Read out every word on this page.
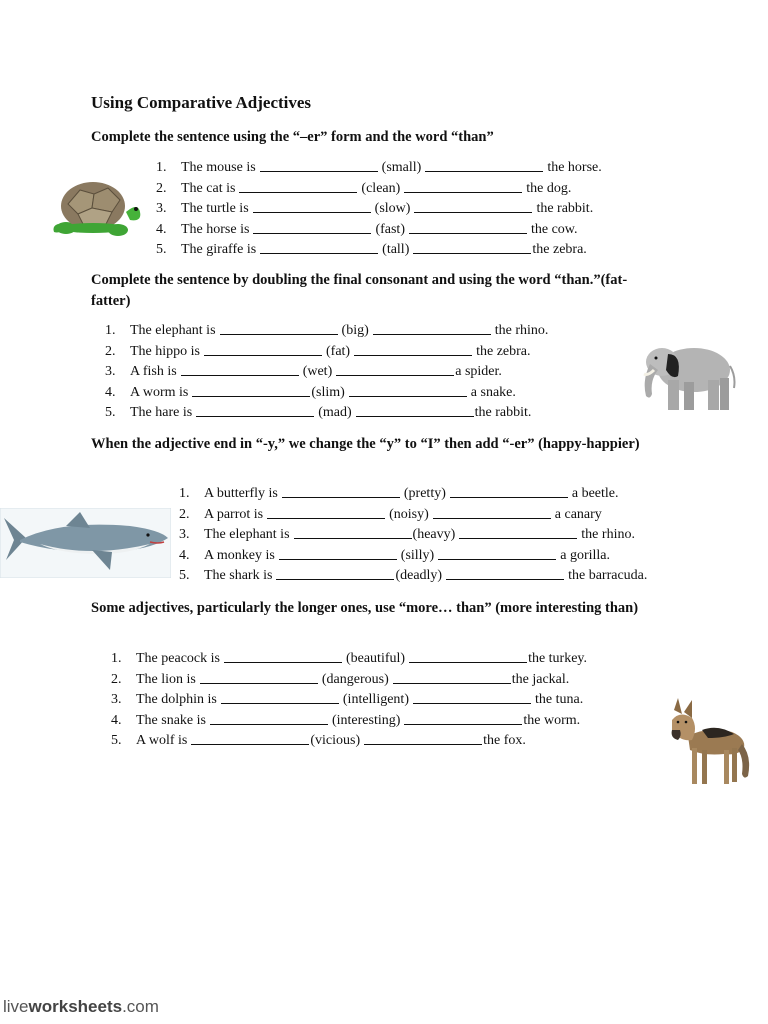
Using Comparative Adjectives
Complete the sentence using the “–er” form and the word “than”
1.	The mouse is	(small)	the horse.
2.	The cat is	(clean)	the dog.
3.	The turtle is	(slow)	the rabbit.
4.	The horse is	(fast)	the cow.
5.	The giraffe is	(tall)	the zebra.
Complete the sentence by doubling the final consonant and using the word “than.”(fat-fatter)
1.	The elephant is	(big)	the rhino.
2.	The hippo is	(fat)	the zebra.
3.	A fish is	(wet)	a spider.
4.	A worm is	(slim)	a snake.
5.	The hare is	(mad)	the rabbit.
When the adjective end in “-y,” we change the “y” to “I” then add “-er” (happy-happier)
1.	A butterfly is	(pretty)	a beetle.
2.	A parrot is	(noisy)	a canary
3.	The elephant is	(heavy)	the rhino.
4.	A monkey is	(silly)	a gorilla.
5.	The shark is	(deadly)	the barracuda.
Some adjectives, particularly the longer ones, use “more… than” (more interesting than)
1.	The peacock is	(beautiful)	the turkey.
2.	The lion is	(dangerous)	the jackal.
3.	The dolphin is	(intelligent)	the tuna.
4.	The snake is	(interesting)	the worm.
5.	A wolf is	(vicious)	the fox.
liveworksheets.com
